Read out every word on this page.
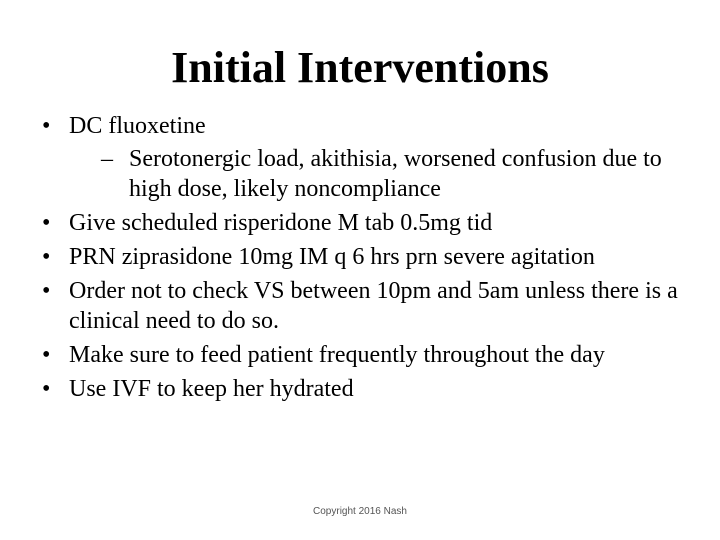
Initial Interventions
• DC fluoxetine
– Serotonergic load, akithisia, worsened confusion due to high dose, likely noncompliance
• Give scheduled risperidone M tab 0.5mg tid
• PRN ziprasidone 10mg IM q 6 hrs prn severe agitation
• Order not to check VS between 10pm and 5am unless there is a clinical need to do so.
• Make sure to feed patient frequently throughout the day
• Use IVF to keep her hydrated
Copyright 2016 Nash
